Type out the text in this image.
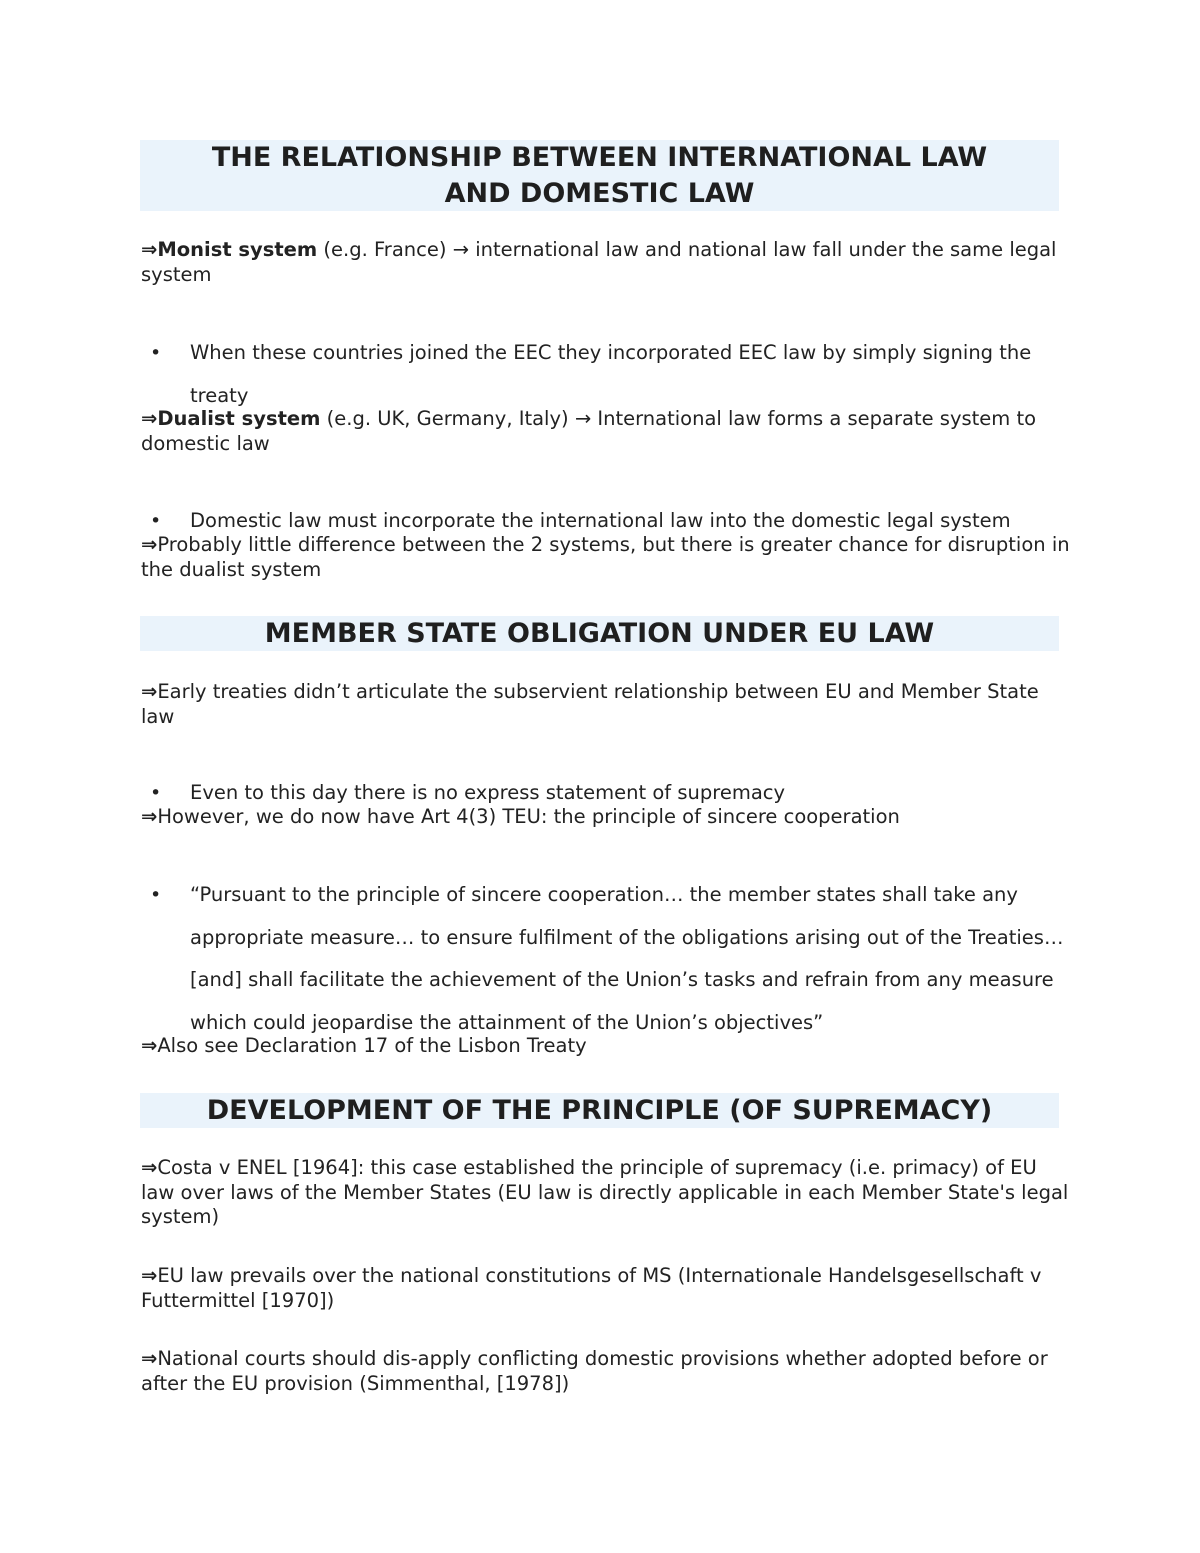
THE RELATIONSHIP BETWEEN INTERNATIONAL LAW
AND DOMESTIC LAW
⇒Monist system (e.g. France) → international law and national law fall under the same legal system
• When these countries joined the EEC they incorporated EEC law by simply signing the treaty
⇒Dualist system (e.g. UK, Germany, Italy) → International law forms a separate system to domestic law
• Domestic law must incorporate the international law into the domestic legal system
⇒Probably little difference between the 2 systems, but there is greater chance for disruption in the dualist system
MEMBER STATE OBLIGATION UNDER EU LAW
⇒Early treaties didn’t articulate the subservient relationship between EU and Member State law
• Even to this day there is no express statement of supremacy
⇒However, we do now have Art 4(3) TEU: the principle of sincere cooperation
• “Pursuant to the principle of sincere cooperation… the member states shall take any appropriate measure… to ensure fulfilment of the obligations arising out of the Treaties… [and] shall facilitate the achievement of the Union’s tasks and refrain from any measure which could jeopardise the attainment of the Union’s objectives”
⇒Also see Declaration 17 of the Lisbon Treaty
DEVELOPMENT OF THE PRINCIPLE (OF SUPREMACY)
⇒Costa v ENEL [1964]: this case established the principle of supremacy (i.e. primacy) of EU law over laws of the Member States (EU law is directly applicable in each Member State's legal system)
⇒EU law prevails over the national constitutions of MS (Internationale Handelsgesellschaft v Futtermittel [1970])
⇒National courts should dis-apply conflicting domestic provisions whether adopted before or after the EU provision (Simmenthal, [1978])
